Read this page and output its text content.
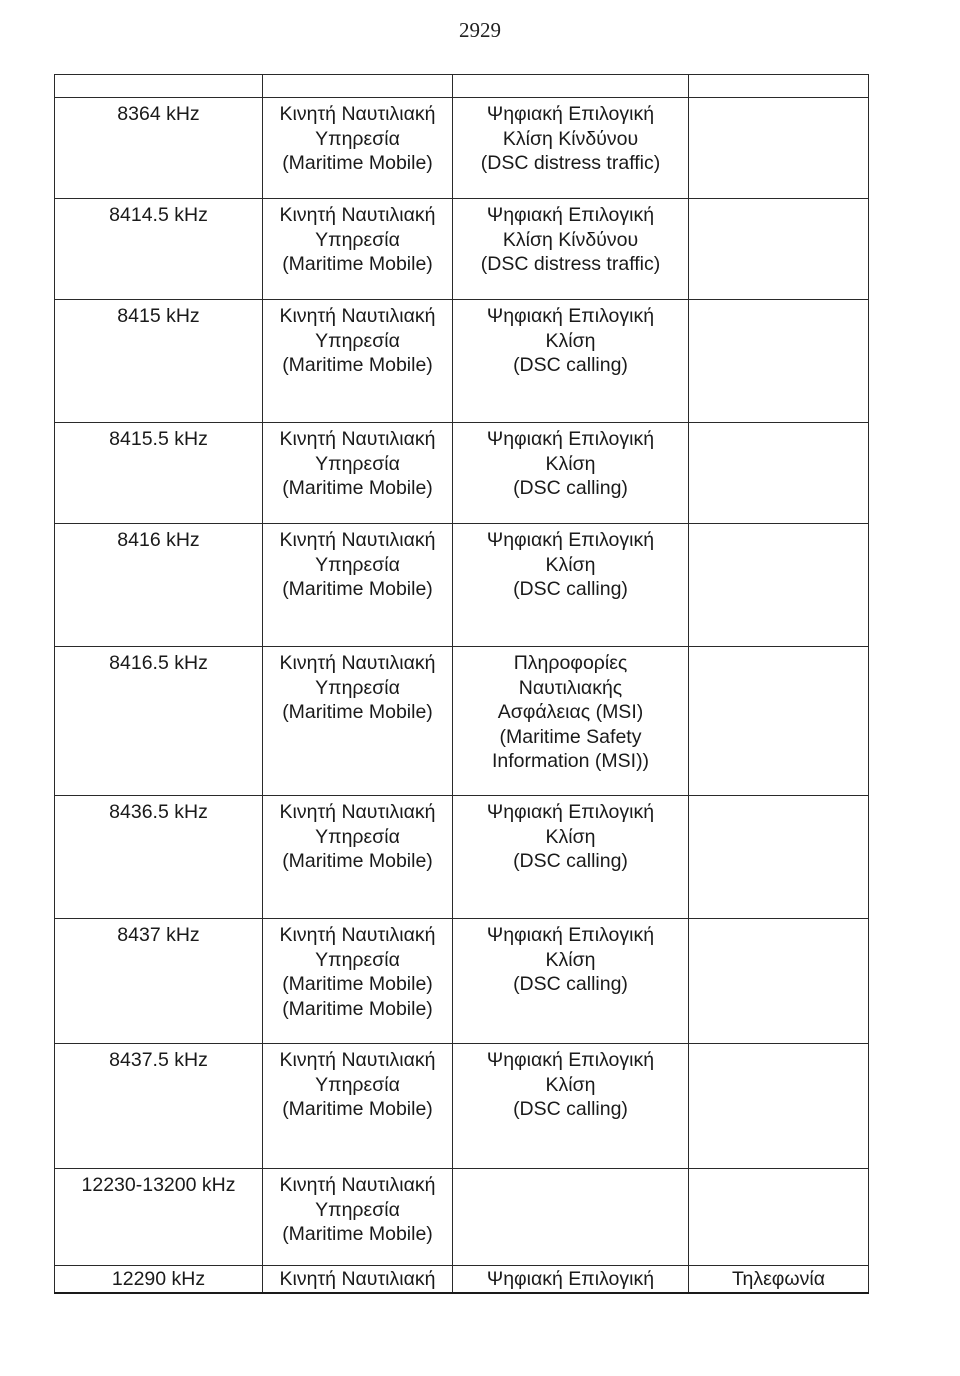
2929

8364 kHz	Κινητή Ναυτιλιακή
Υπηρεσία
(Maritime Mobile)	Ψηφιακή Επιλογική
Κλίση Κίνδύνου
(DSC distress traffic)	

8414.5 kHz	Κινητή Ναυτιλιακή
Υπηρεσία
(Maritime Mobile)	Ψηφιακή Επιλογική
Κλίση Κίνδύνου
(DSC distress traffic)	

8415 kHz	Κινητή Ναυτιλιακή
Υπηρεσία
(Maritime Mobile)	Ψηφιακή Επιλογική
Κλίση
(DSC calling)	

8415.5 kHz	Κινητή Ναυτιλιακή
Υπηρεσία
(Maritime Mobile)	Ψηφιακή Επιλογική
Κλίση
(DSC calling)	

8416 kHz	Κινητή Ναυτιλιακή
Υπηρεσία
(Maritime Mobile)	Ψηφιακή Επιλογική
Κλίση
(DSC calling)	

8416.5 kHz	Κινητή Ναυτιλιακή
Υπηρεσία
(Maritime Mobile)	Πληροφορίες
Ναυτιλιακής
Ασφάλειας (MSI)
(Maritime Safety
Information (MSI))	

8436.5 kHz	Κινητή Ναυτιλιακή
Υπηρεσία
(Maritime Mobile)	Ψηφιακή Επιλογική
Κλίση
(DSC calling)	

8437 kHz	Κινητή Ναυτιλιακή
Υπηρεσία
(Maritime Mobile)
(Maritime Mobile)	Ψηφιακή Επιλογική
Κλίση
(DSC calling)	

8437.5 kHz	Κινητή Ναυτιλιακή
Υπηρεσία
(Maritime Mobile)	Ψηφιακή Επιλογική
Κλίση
(DSC calling)	

12230-13200 kHz	Κινητή Ναυτιλιακή
Υπηρεσία
(Maritime Mobile)		

12290 kHz	Κινητή Ναυτιλιακή	Ψηφιακή Επιλογική	Τηλεφωνία
